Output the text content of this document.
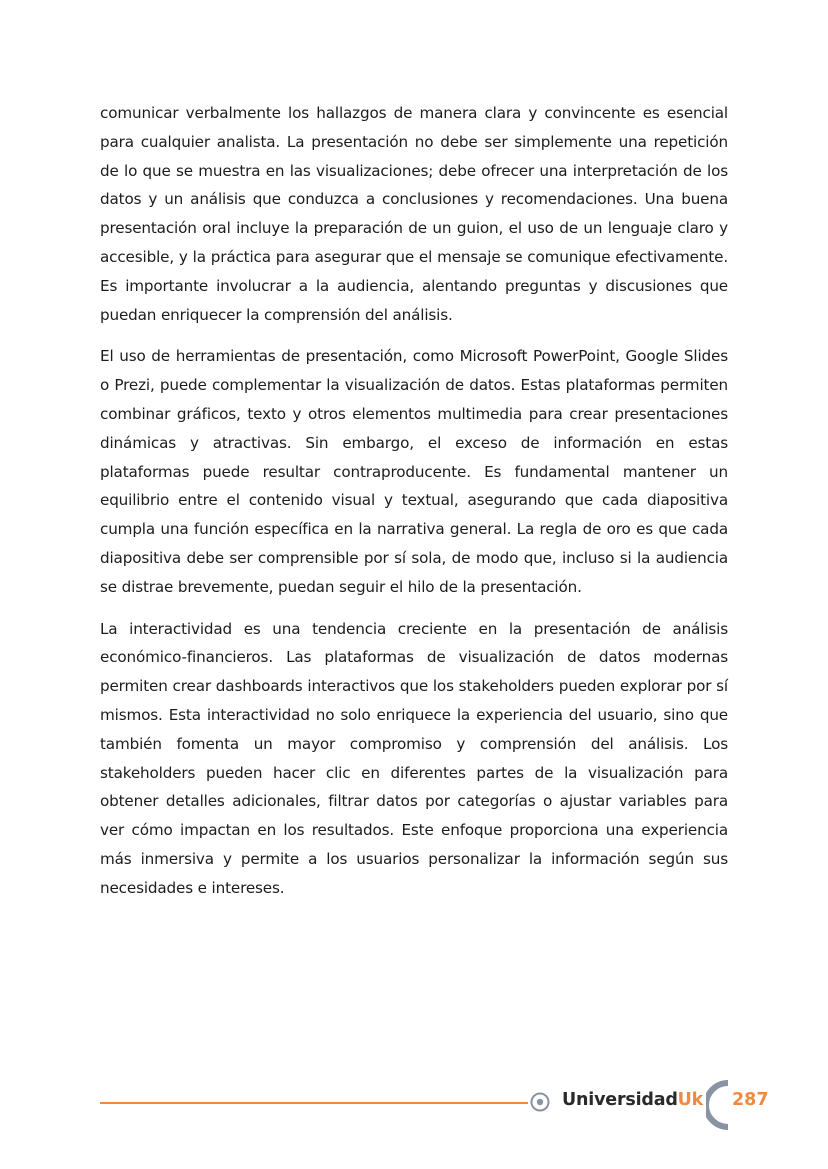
comunicar verbalmente los hallazgos de manera clara y convincente es esencial para cualquier analista. La presentación no debe ser simplemente una repetición de lo que se muestra en las visualizaciones; debe ofrecer una interpretación de los datos y un análisis que conduzca a conclusiones y recomendaciones. Una buena presentación oral incluye la preparación de un guion, el uso de un lenguaje claro y accesible, y la práctica para asegurar que el mensaje se comunique efectivamente. Es importante involucrar a la audiencia, alentando preguntas y discusiones que puedan enriquecer la comprensión del análisis.

El uso de herramientas de presentación, como Microsoft PowerPoint, Google Slides o Prezi, puede complementar la visualización de datos. Estas plataformas permiten combinar gráficos, texto y otros elementos multimedia para crear presentaciones dinámicas y atractivas. Sin embargo, el exceso de información en estas plataformas puede resultar contraproducente. Es fundamental mantener un equilibrio entre el contenido visual y textual, asegurando que cada diapositiva cumpla una función específica en la narrativa general. La regla de oro es que cada diapositiva debe ser comprensible por sí sola, de modo que, incluso si la audiencia se distrae brevemente, puedan seguir el hilo de la presentación.

La interactividad es una tendencia creciente en la presentación de análisis económico-financieros. Las plataformas de visualización de datos modernas permiten crear dashboards interactivos que los stakeholders pueden explorar por sí mismos. Esta interactividad no solo enriquece la experiencia del usuario, sino que también fomenta un mayor compromiso y comprensión del análisis. Los stakeholders pueden hacer clic en diferentes partes de la visualización para obtener detalles adicionales, filtrar datos por categorías o ajustar variables para ver cómo impactan en los resultados. Este enfoque proporciona una experiencia más inmersiva y permite a los usuarios personalizar la información según sus necesidades e intereses.

UniversidadUk 287
